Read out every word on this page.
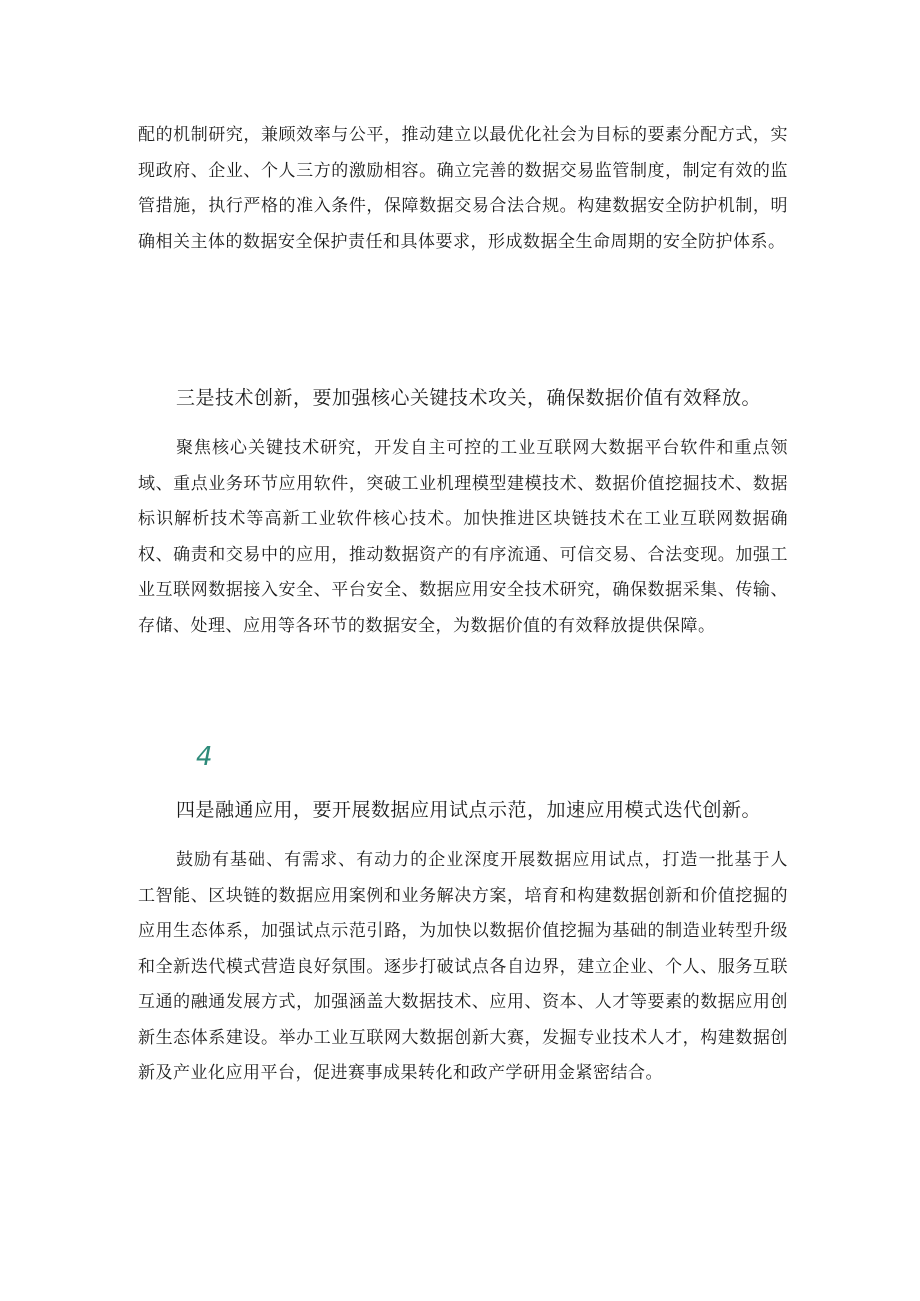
配的机制研究，兼顾效率与公平，推动建立以最优化社会为目标的要素分配方式，实现政府、企业、个人三方的激励相容。确立完善的数据交易监管制度，制定有效的监管措施，执行严格的准入条件，保障数据交易合法合规。构建数据安全防护机制，明确相关主体的数据安全保护责任和具体要求，形成数据全生命周期的安全防护体系。

三是技术创新，要加强核心关键技术攻关，确保数据价值有效释放。

聚焦核心关键技术研究，开发自主可控的工业互联网大数据平台软件和重点领域、重点业务环节应用软件，突破工业机理模型建模技术、数据价值挖掘技术、数据标识解析技术等高新工业软件核心技术。加快推进区块链技术在工业互联网数据确权、确责和交易中的应用，推动数据资产的有序流通、可信交易、合法变现。加强工业互联网数据接入安全、平台安全、数据应用安全技术研究，确保数据采集、传输、存储、处理、应用等各环节的数据安全，为数据价值的有效释放提供保障。

4

四是融通应用，要开展数据应用试点示范，加速应用模式迭代创新。

鼓励有基础、有需求、有动力的企业深度开展数据应用试点，打造一批基于人工智能、区块链的数据应用案例和业务解决方案，培育和构建数据创新和价值挖掘的应用生态体系，加强试点示范引路，为加快以数据价值挖掘为基础的制造业转型升级和全新迭代模式营造良好氛围。逐步打破试点各自边界，建立企业、个人、服务互联互通的融通发展方式，加强涵盖大数据技术、应用、资本、人才等要素的数据应用创新生态体系建设。举办工业互联网大数据创新大赛，发掘专业技术人才，构建数据创新及产业化应用平台，促进赛事成果转化和政产学研用金紧密结合。
